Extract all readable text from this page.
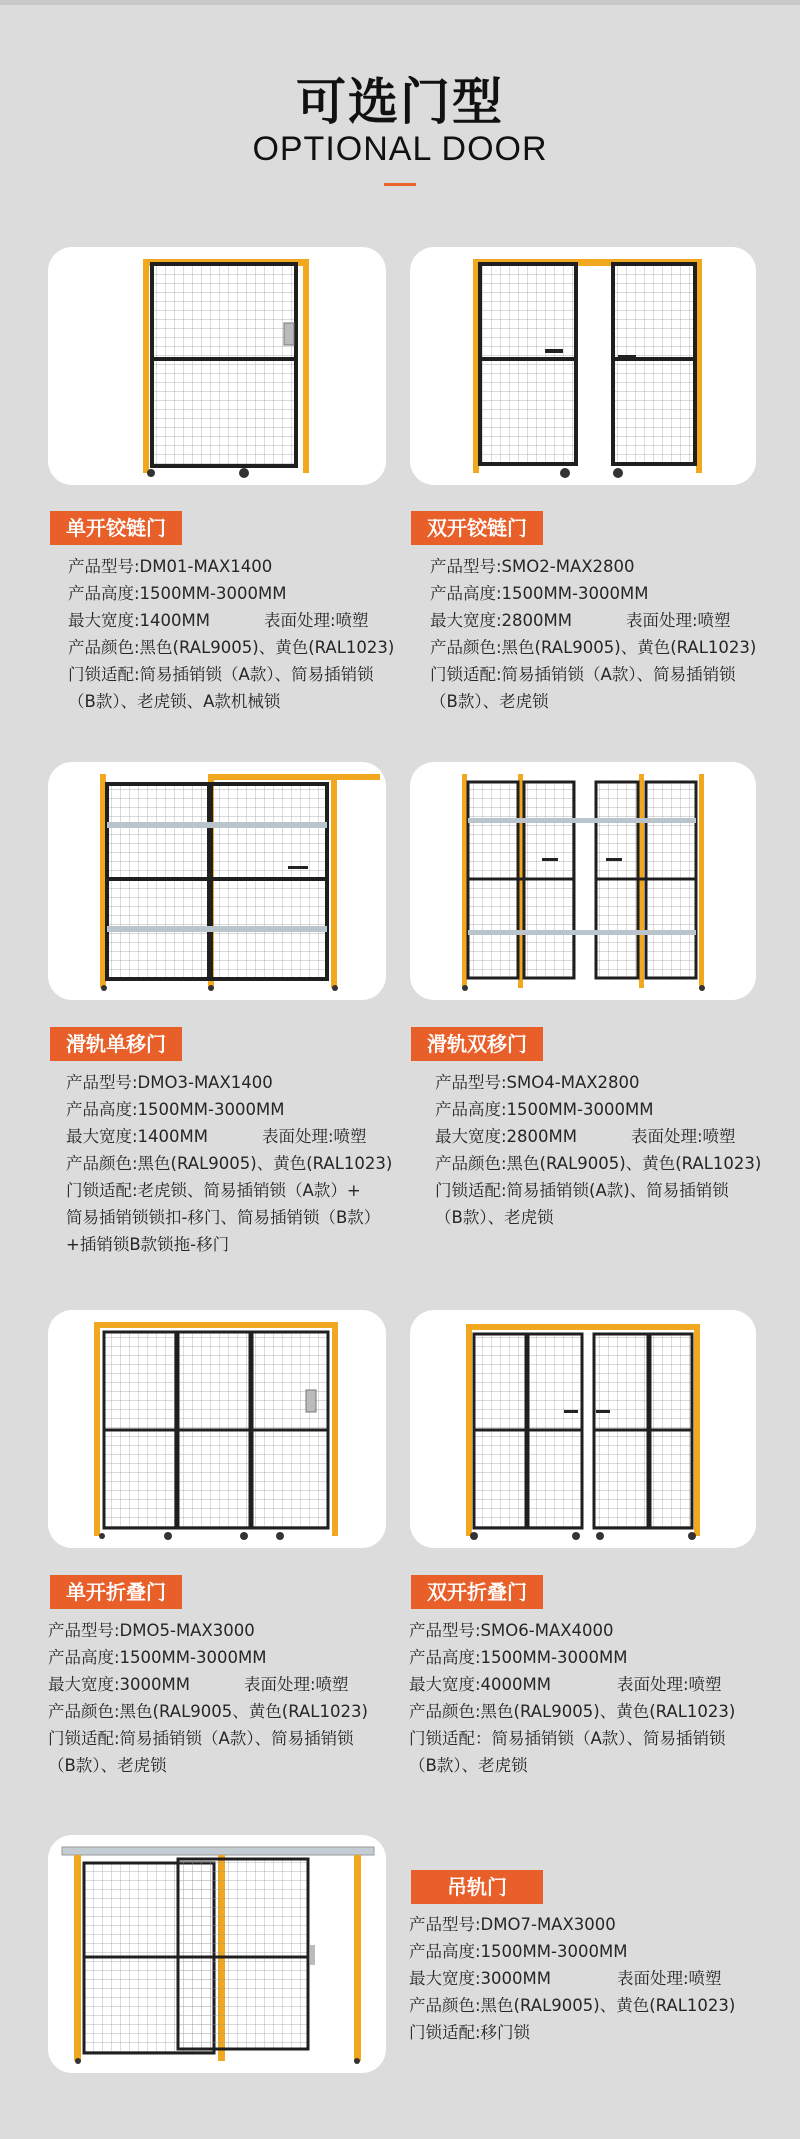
可选门型
OPTIONAL DOOR
单开铰链门
产品型号:DM01-MAX1400
产品高度:1500MM-3000MM
最大宽度:1400MM	表面处理:喷塑
产品颜色:黑色(RAL9005)、黄色(RAL1023)
门锁适配:简易插销锁（A款）、简易插销锁
（B款）、老虎锁、A款机械锁
双开铰链门
产品型号:SMO2-MAX2800
产品高度:1500MM-3000MM
最大宽度:2800MM	表面处理:喷塑
产品颜色:黑色(RAL9005)、黄色(RAL1023)
门锁适配:简易插销锁（A款）、简易插销锁
（B款）、老虎锁
滑轨单移门
产品型号:DMO3-MAX1400
产品高度:1500MM-3000MM
最大宽度:1400MM	表面处理:喷塑
产品颜色:黑色(RAL9005)、黄色(RAL1023)
门锁适配:老虎锁、简易插销锁（A款）+
简易插销锁锁扣-移门、简易插销锁（B款）
+插销锁B款锁拖-移门
滑轨双移门
产品型号:SMO4-MAX2800
产品高度:1500MM-3000MM
最大宽度:2800MM	表面处理:喷塑
产品颜色:黑色(RAL9005)、黄色(RAL1023)
门锁适配:简易插销锁(A款)、简易插销锁
（B款）、老虎锁
单开折叠门
产品型号:DMO5-MAX3000
产品高度:1500MM-3000MM
最大宽度:3000MM	表面处理:喷塑
产品颜色:黑色(RAL9005、黄色(RAL1023)
门锁适配:简易插销锁（A款）、简易插销锁
（B款）、老虎锁
双开折叠门
产品型号:SMO6-MAX4000
产品高度:1500MM-3000MM
最大宽度:4000MM	表面处理:喷塑
产品颜色:黑色(RAL9005)、黄色(RAL1023)
门锁适配：简易插销锁（A款）、简易插销锁
（B款）、老虎锁
吊轨门
产品型号:DMO7-MAX3000
产品高度:1500MM-3000MM
最大宽度:3000MM	表面处理:喷塑
产品颜色:黑色(RAL9005)、黄色(RAL1023)
门锁适配:移门锁
